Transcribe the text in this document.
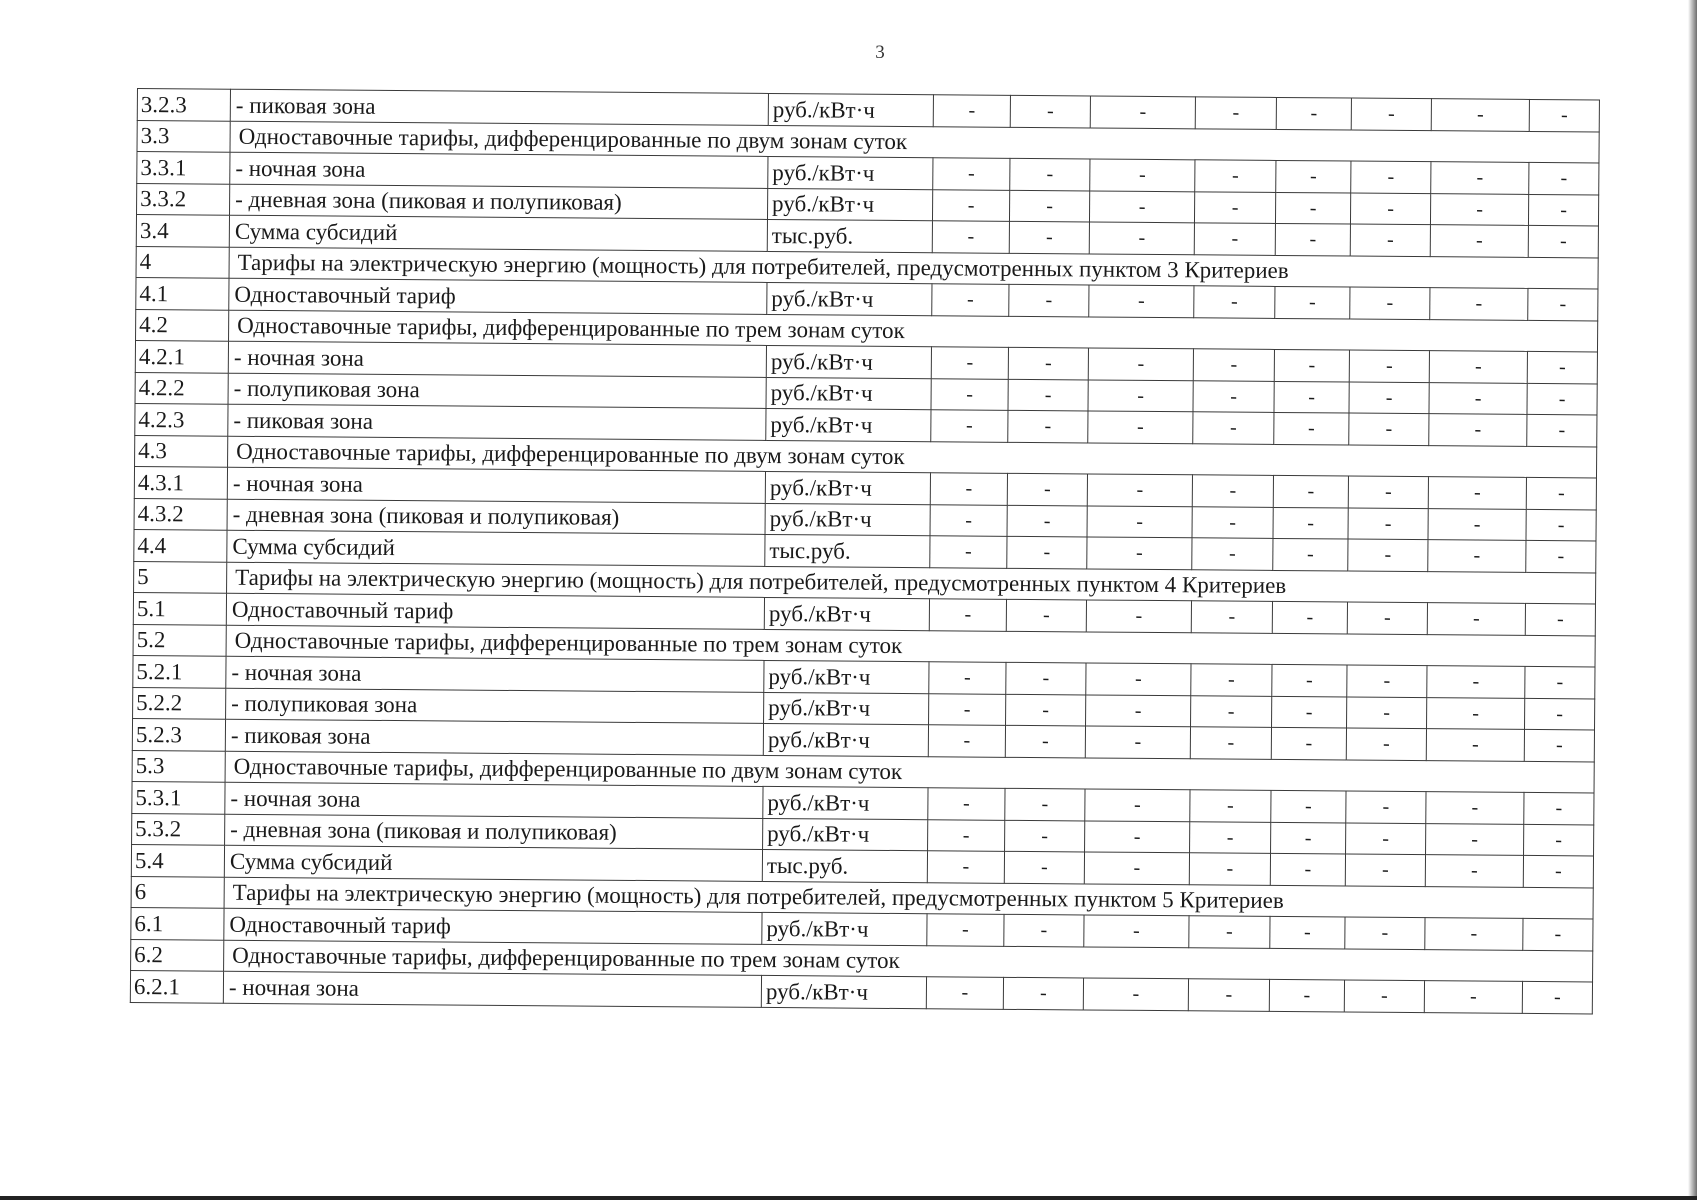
3
3.2.3	- пиковая зона	руб./кВт·ч	-	-	-	-	-	-	-	-
3.3	Одноставочные тарифы, дифференцированные по двум зонам суток									
3.3.1	- ночная зона	руб./кВт·ч	-	-	-	-	-	-	-	-
3.3.2	- дневная зона (пиковая и полупиковая)	руб./кВт·ч	-	-	-	-	-	-	-	-
3.4	Сумма субсидий	тыс.руб.	-	-	-	-	-	-	-	-
4	Тарифы на электрическую энергию (мощность) для потребителей, предусмотренных пунктом 3 Критериев									
4.1	Одноставочный тариф	руб./кВт·ч	-	-	-	-	-	-	-	-
4.2	Одноставочные тарифы, дифференцированные по трем зонам суток									
4.2.1	- ночная зона	руб./кВт·ч	-	-	-	-	-	-	-	-
4.2.2	- полупиковая зона	руб./кВт·ч	-	-	-	-	-	-	-	-
4.2.3	- пиковая зона	руб./кВт·ч	-	-	-	-	-	-	-	-
4.3	Одноставочные тарифы, дифференцированные по двум зонам суток									
4.3.1	- ночная зона	руб./кВт·ч	-	-	-	-	-	-	-	-
4.3.2	- дневная зона (пиковая и полупиковая)	руб./кВт·ч	-	-	-	-	-	-	-	-
4.4	Сумма субсидий	тыс.руб.	-	-	-	-	-	-	-	-
5	Тарифы на электрическую энергию (мощность) для потребителей, предусмотренных пунктом 4 Критериев									
5.1	Одноставочный тариф	руб./кВт·ч	-	-	-	-	-	-	-	-
5.2	Одноставочные тарифы, дифференцированные по трем зонам суток									
5.2.1	- ночная зона	руб./кВт·ч	-	-	-	-	-	-	-	-
5.2.2	- полупиковая зона	руб./кВт·ч	-	-	-	-	-	-	-	-
5.2.3	- пиковая зона	руб./кВт·ч	-	-	-	-	-	-	-	-
5.3	Одноставочные тарифы, дифференцированные по двум зонам суток									
5.3.1	- ночная зона	руб./кВт·ч	-	-	-	-	-	-	-	-
5.3.2	- дневная зона (пиковая и полупиковая)	руб./кВт·ч	-	-	-	-	-	-	-	-
5.4	Сумма субсидий	тыс.руб.	-	-	-	-	-	-	-	-
6	Тарифы на электрическую энергию (мощность) для потребителей, предусмотренных пунктом 5 Критериев									
6.1	Одноставочный тариф	руб./кВт·ч	-	-	-	-	-	-	-	-
6.2	Одноставочные тарифы, дифференцированные по трем зонам суток									
6.2.1	- ночная зона	руб./кВт·ч	-	-	-	-	-	-	-	-
